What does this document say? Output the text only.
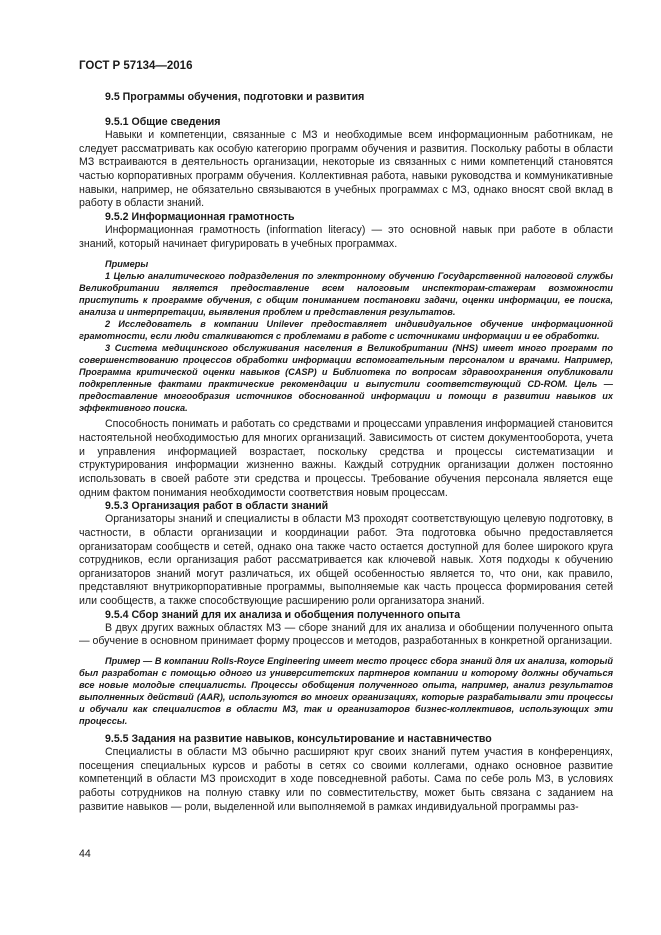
ГОСТ Р 57134—2016
9.5 Программы обучения, подготовки и развития
9.5.1 Общие сведения

Навыки и компетенции, связанные с МЗ и необходимые всем информационным работникам, не следует рассматривать как особую категорию программ обучения и развития. Поскольку работы в области МЗ встраиваются в деятельность организации, некоторые из связанных с ними компетенций становятся частью корпоративных программ обучения. Коллективная работа, навыки руководства и коммуникативные навыки, например, не обязательно связываются в учебных программах с МЗ, однако вносят свой вклад в работу в области знаний.

9.5.2 Информационная грамотность

Информационная грамотность (information literacy) — это основной навык при работе в области знаний, который начинает фигурировать в учебных программах.

Примеры

1 Целью аналитического подразделения по электронному обучению Государственной налоговой службы Великобритании является предоставление всем налоговым инспекторам-стажерам возможности приступить к программе обучения, с общим пониманием постановки задачи, оценки информации, ее поиска, анализа и интерпретации, выявления проблем и представления результатов.

2 Исследователь в компании Unilever предоставляет индивидуальное обучение информационной грамотности, если люди сталкиваются с проблемами в работе с источниками информации и ее обработки.

3 Система медицинского обслуживания населения в Великобритании (NHS) имеет много программ по совершенствованию процессов обработки информации вспомогательным персоналом и врачами. Например, Программа критической оценки навыков (CASP) и Библиотека по вопросам здравоохранения опубликовали подкрепленные фактами практические рекомендации и выпустили соответствующий CD-ROM. Цель — предоставление многообразия источников обоснованной информации и помощи в развитии навыков их эффективного поиска.

Способность понимать и работать со средствами и процессами управления информацией становится настоятельной необходимостью для многих организаций. Зависимость от систем документооборота, учета и управления информацией возрастает, поскольку средства и процессы систематизации и структурирования информации жизненно важны. Каждый сотрудник организации должен постоянно использовать в своей работе эти средства и процессы. Требование обучения персонала является еще одним фактом понимания необходимости соответствия новым процессам.

9.5.3 Организация работ в области знаний

Организаторы знаний и специалисты в области МЗ проходят соответствующую целевую подготовку, в частности, в области организации и координации работ. Эта подготовка обычно предоставляется организаторам сообществ и сетей, однако она также часто остается доступной для более широкого круга сотрудников, если организация работ рассматривается как ключевой навык. Хотя подходы к обучению организаторов знаний могут различаться, их общей особенностью является то, что они, как правило, представляют внутрикорпоративные программы, выполняемые как часть процесса формирования сетей или сообществ, а также способствующие расширению роли организатора знаний.

9.5.4 Сбор знаний для их анализа и обобщения полученного опыта

В двух других важных областях МЗ — сборе знаний для их анализа и обобщении полученного опыта — обучение в основном принимает форму процессов и методов, разработанных в конкретной организации.

Пример — В компании Rolls-Royce Engineering имеет место процесс сбора знаний для их анализа, который был разработан с помощью одного из университетских партнеров компании и которому должны обучаться все новые молодые специалисты. Процессы обобщения полученного опыта, например, анализ результатов выполненных действий (AAR), используются во многих организациях, которые разрабатывали эти процессы и обучали как специалистов в области МЗ, так и организаторов бизнес-коллективов, использующих эти процессы.

9.5.5 Задания на развитие навыков, консультирование и наставничество

Специалисты в области МЗ обычно расширяют круг своих знаний путем участия в конференциях, посещения специальных курсов и работы в сетях со своими коллегами, однако основное развитие компетенций в области МЗ происходит в ходе повседневной работы. Сама по себе роль МЗ, в условиях работы сотрудников на полную ставку или по совместительству, может быть связана с заданием на развитие навыков — роли, выделенной или выполняемой в рамках индивидуальной программы раз-

44
